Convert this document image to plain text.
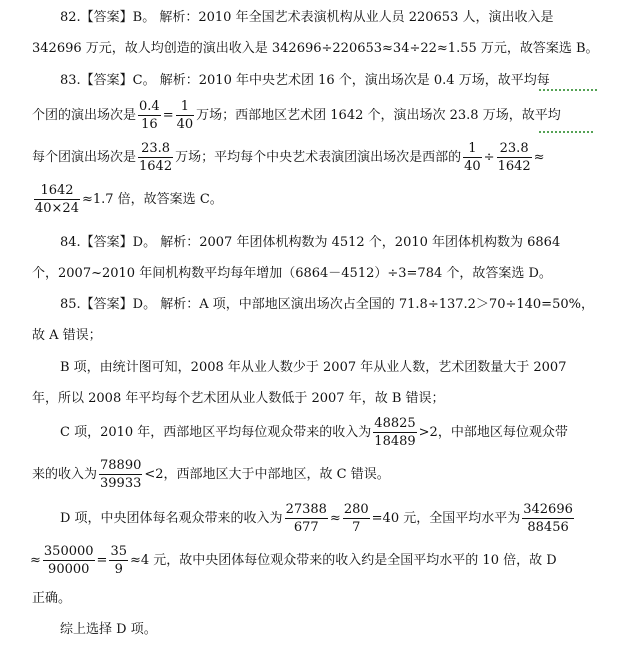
82.【答案】B。 解析：2010 年全国艺术表演机构从业人员 220653 人，演出收入是
342696 万元，故人均创造的演出收入是 342696÷220653≈34÷22≈1.55 万元，故答案选 B。
83.【答案】C。 解析：2010 年中央艺术团 16 个，演出场次是 0.4 万场，故平均每
个团的演出场次是 $\frac{0.4}{16} = \frac{1}{40}$ 万场；西部地区艺术团 1642 个，演出场次 23.8 万场，故平均
每个团演出场次是 $\frac{23.8}{1642}$ 万场；平均每个中央艺术表演团演出场次是西部的 $\frac{1}{40} \div \frac{23.8}{1642}$ ≈
$\frac{1642}{40\times 24} \approx 1.7$ 倍，故答案选 C。
84.【答案】D。 解析：2007 年团体机构数为 4512 个，2010 年团体机构数为 6864
个，2007~2010 年间机构数平均每年增加（6864－4512）÷3=784 个，故答案选 D。
85.【答案】D。 解析：A 项，中部地区演出场次占全国的 71.8÷137.2＞70÷140=50%，
故 A 错误；
B 项，由统计图可知，2008 年从业人数少于 2007 年从业人数，艺术团数量大于 2007
年，所以 2008 年平均每个艺术团从业人数低于 2007 年，故 B 错误；
C 项，2010 年，西部地区平均每位观众带来的收入为 $\frac{48825}{18489} >2$，中部地区每位观众带
来的收入为 $\frac{78890}{39933} <2$，西部地区大于中部地区，故 C 错误。
D 项，中央团体每名观众带来的收入为 $\frac{27388}{677} \approx \frac{280}{7} =40$ 元，全国平均水平为 $\frac{342696}{88456}$
≈ $\frac{350000}{90000} = \frac{35}{9} \approx 4$ 元，故中央团体每位观众带来的收入约是全国平均水平的 10 倍，故 D
正确。
综上选择 D 项。
